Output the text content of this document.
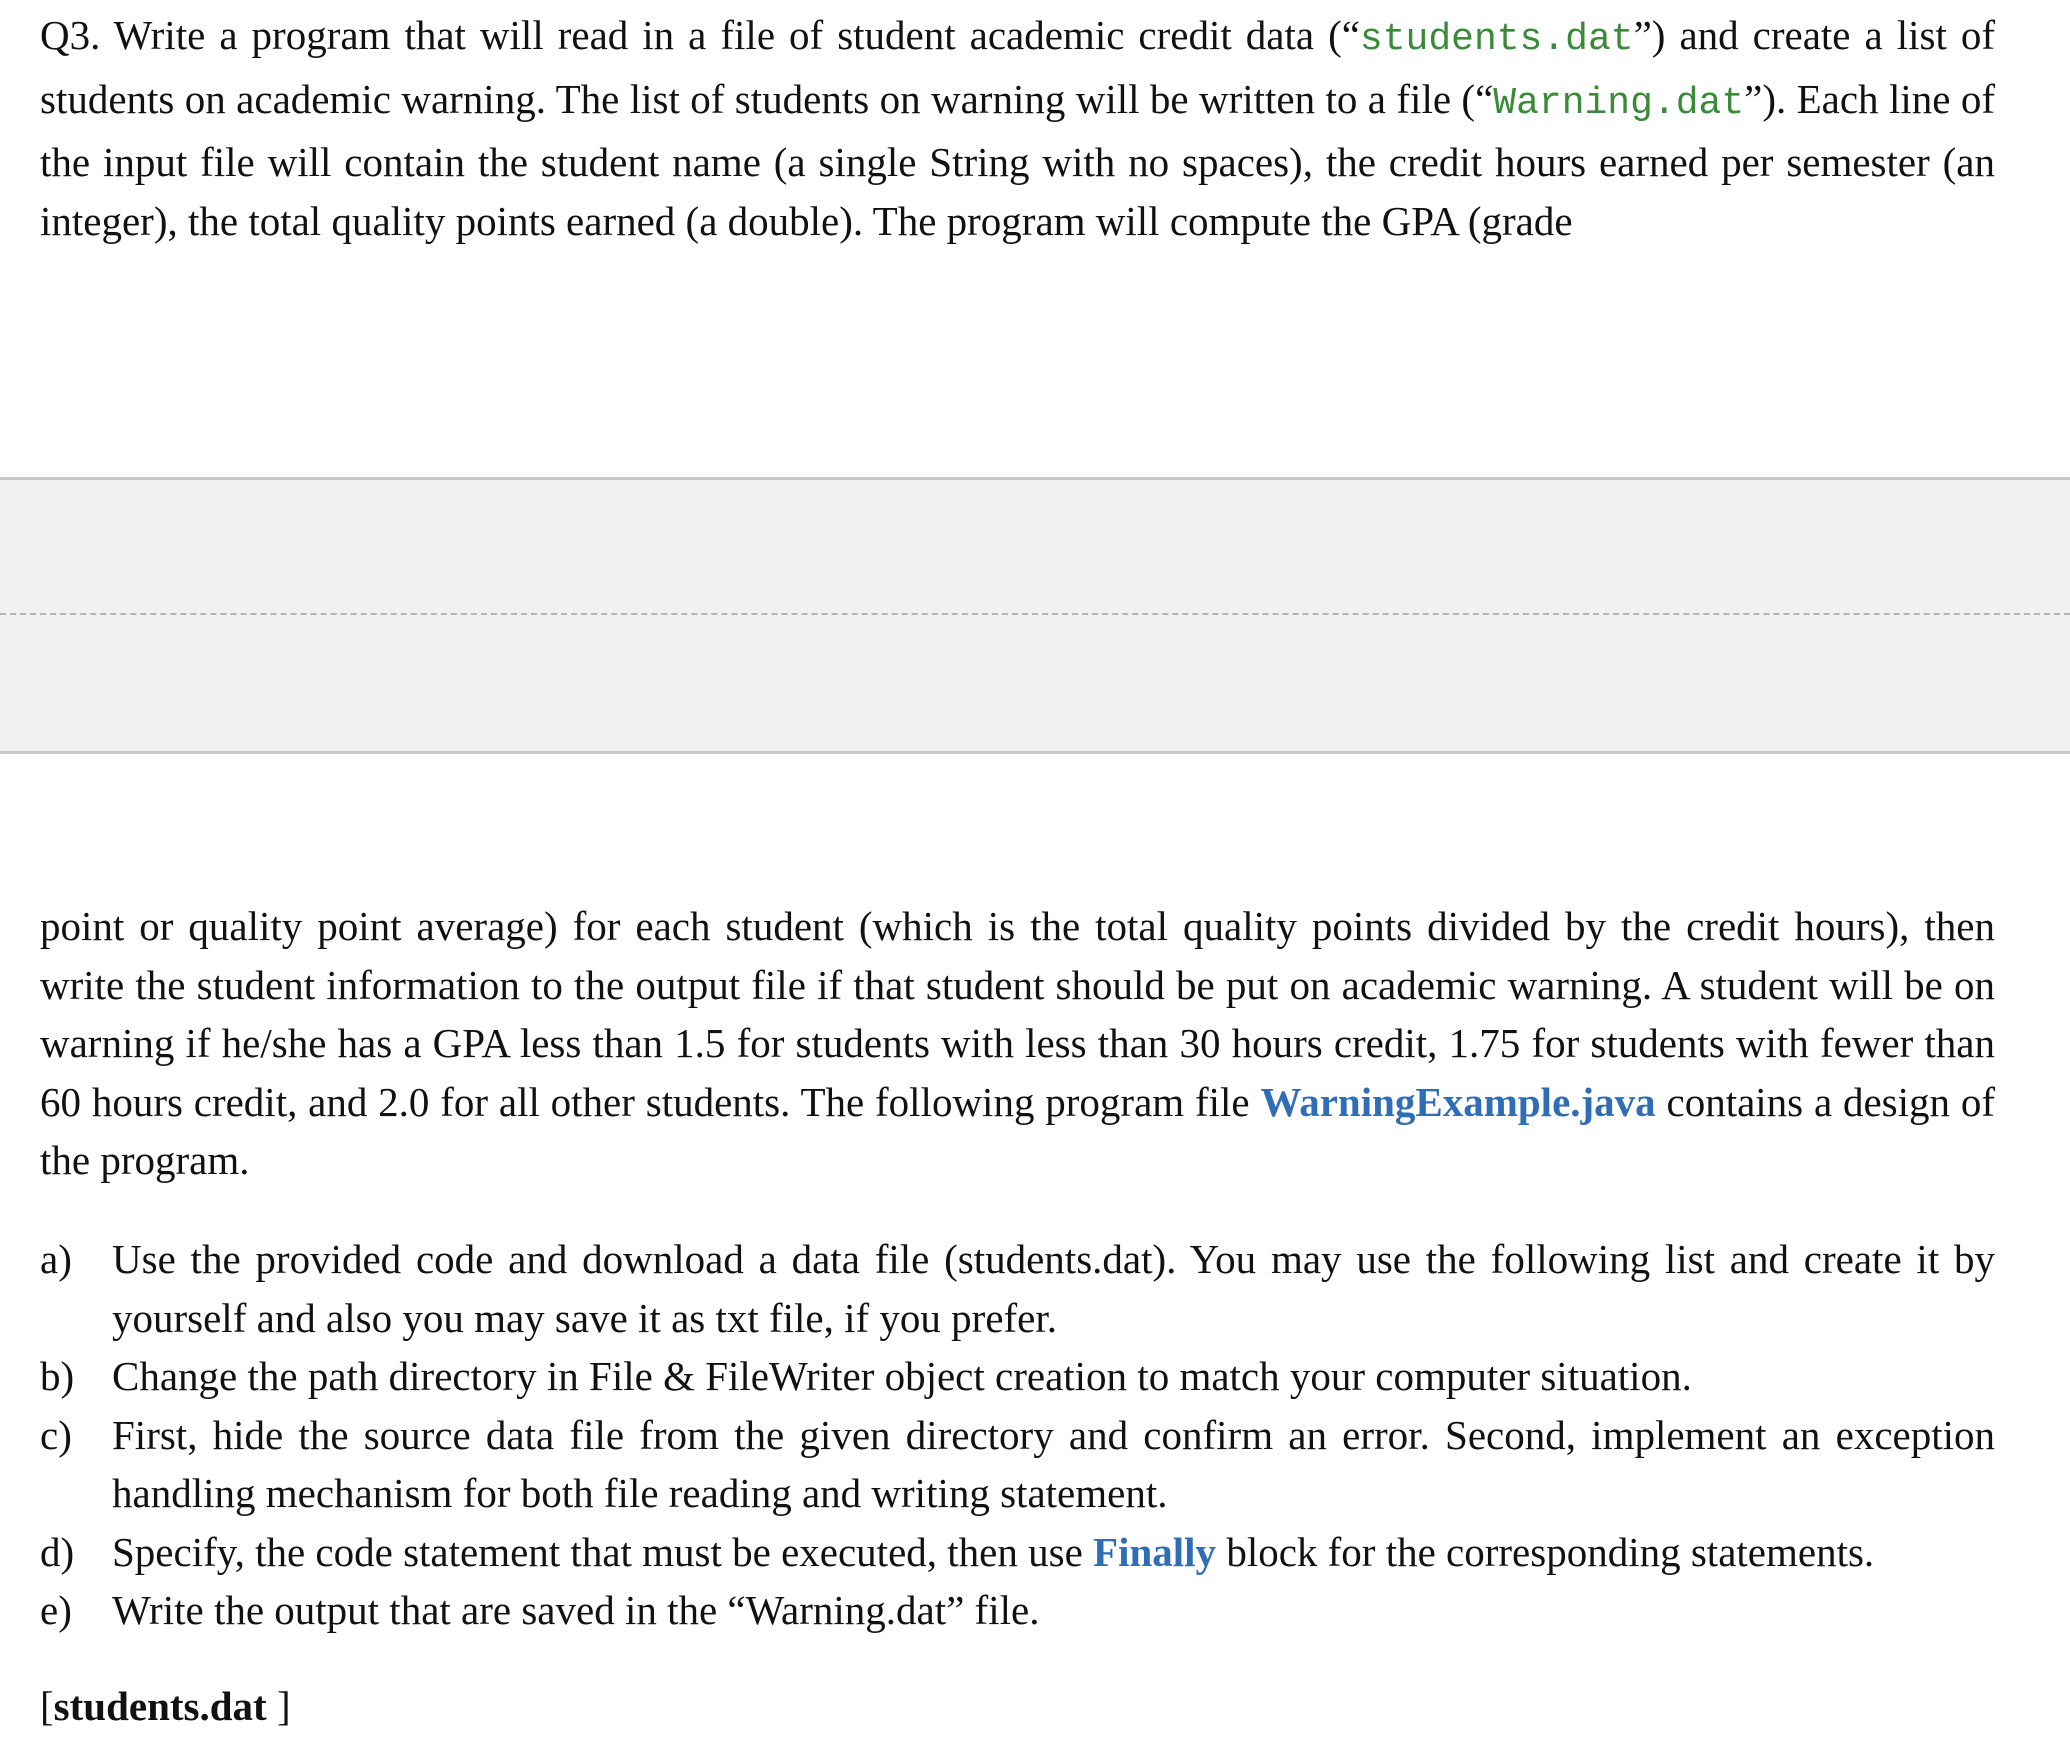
Q3. Write a program that will read in a file of student academic credit data (“students.dat”) and create a list of students on academic warning. The list of students on warning will be written to a file (“Warning.dat”). Each line of the input file will contain the student name (a single String with no spaces), the credit hours earned per semester (an integer), the total quality points earned (a double). The program will compute the GPA (grade

point or quality point average) for each student (which is the total quality points divided by the credit hours), then write the student information to the output file if that student should be put on academic warning. A student will be on warning if he/she has a GPA less than 1.5 for students with less than 30 hours credit, 1.75 for students with fewer than 60 hours credit, and 2.0 for all other students. The following program file WarningExample.java contains a design of the program.

a) Use the provided code and download a data file (students.dat). You may use the following list and create it by yourself and also you may save it as txt file, if you prefer.
b) Change the path directory in File & FileWriter object creation to match your computer situation.
c) First, hide the source data file from the given directory and confirm an error. Second, implement an exception handling mechanism for both file reading and writing statement.
d) Specify, the code statement that must be executed, then use Finally block for the corresponding statements.
e) Write the output that are saved in the “Warning.dat” file.

[students.dat ]
